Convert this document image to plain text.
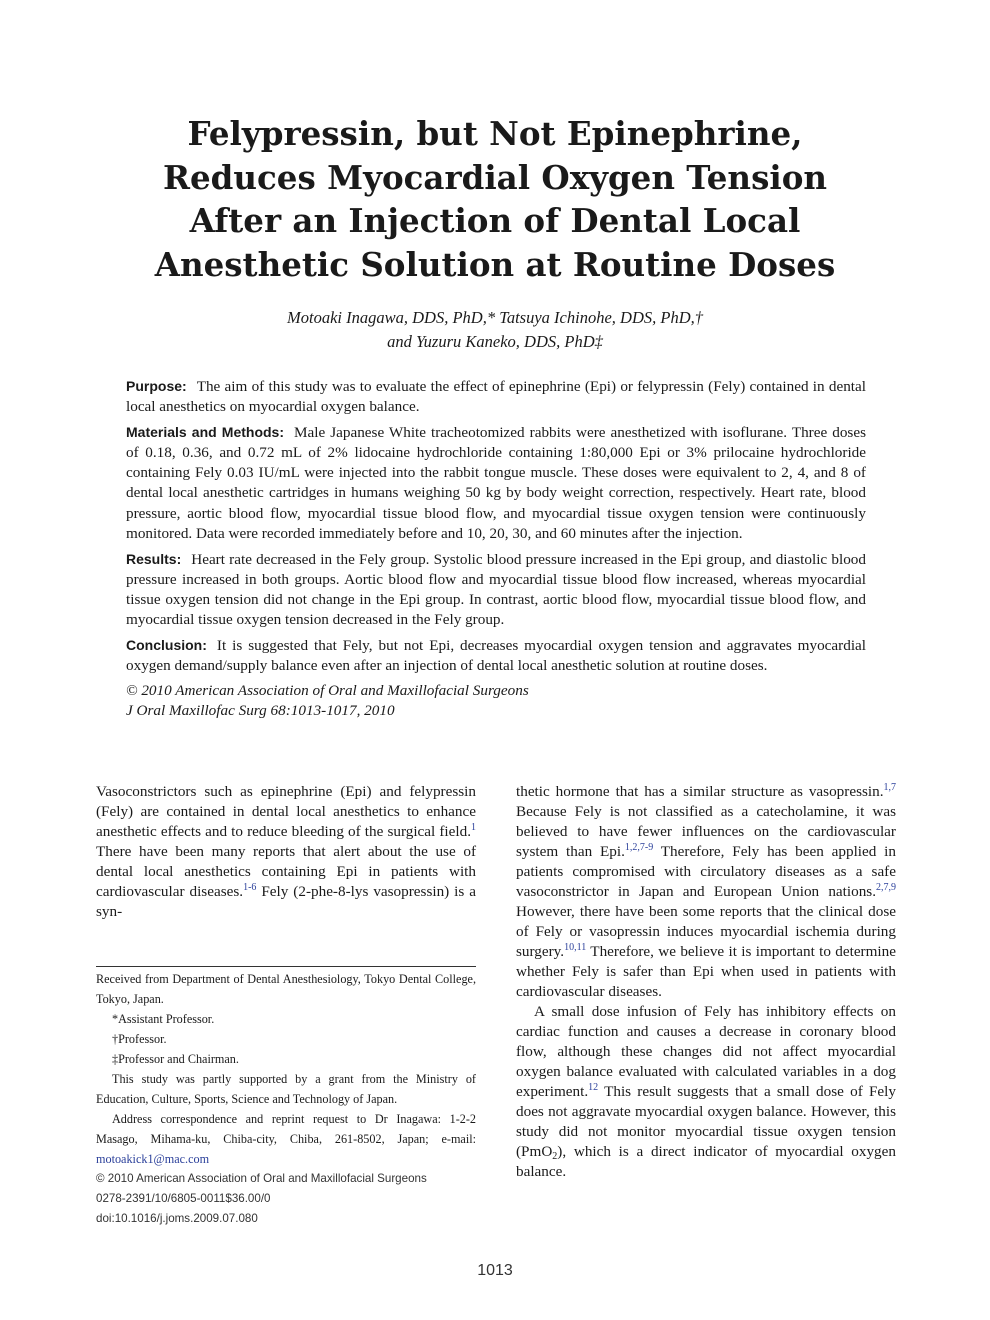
Felypressin, but Not Epinephrine, Reduces Myocardial Oxygen Tension After an Injection of Dental Local Anesthetic Solution at Routine Doses
Motoaki Inagawa, DDS, PhD,* Tatsuya Ichinohe, DDS, PhD,†
and Yuzuru Kaneko, DDS, PhD‡

Purpose: The aim of this study was to evaluate the effect of epinephrine (Epi) or felypressin (Fely) contained in dental local anesthetics on myocardial oxygen balance.

Materials and Methods: Male Japanese White tracheotomized rabbits were anesthetized with isoflurane. Three doses of 0.18, 0.36, and 0.72 mL of 2% lidocaine hydrochloride containing 1:80,000 Epi or 3% prilocaine hydrochloride containing Fely 0.03 IU/mL were injected into the rabbit tongue muscle. These doses were equivalent to 2, 4, and 8 of dental local anesthetic cartridges in humans weighing 50 kg by body weight correction, respectively. Heart rate, blood pressure, aortic blood flow, myocardial tissue blood flow, and myocardial tissue oxygen tension were continuously monitored. Data were recorded immediately before and 10, 20, 30, and 60 minutes after the injection.

Results: Heart rate decreased in the Fely group. Systolic blood pressure increased in the Epi group, and diastolic blood pressure increased in both groups. Aortic blood flow and myocardial tissue blood flow increased, whereas myocardial tissue oxygen tension did not change in the Epi group. In contrast, aortic blood flow, myocardial tissue blood flow, and myocardial tissue oxygen tension decreased in the Fely group.

Conclusion: It is suggested that Fely, but not Epi, decreases myocardial oxygen tension and aggravates myocardial oxygen demand/supply balance even after an injection of dental local anesthetic solution at routine doses.

© 2010 American Association of Oral and Maxillofacial Surgeons

J Oral Maxillofac Surg 68:1013-1017, 2010

Vasoconstrictors such as epinephrine (Epi) and felypressin (Fely) are contained in dental local anesthetics to enhance anesthetic effects and to reduce bleeding of the surgical field.$^1$ There have been many reports that alert about the use of dental local anesthetics containing Epi in patients with cardiovascular diseases.$^{1-6}$ Fely (2-phe-8-lys vasopressin) is a syn-

Received from Department of Dental Anesthesiology, Tokyo Dental College, Tokyo, Japan.

*Assistant Professor.

†Professor.

‡Professor and Chairman.

This study was partly supported by a grant from the Ministry of Education, Culture, Sports, Science and Technology of Japan.

Address correspondence and reprint request to Dr Inagawa: 1-2-2 Masago, Mihama-ku, Chiba-city, Chiba, 261-8502, Japan; e-mail: motoakick1@mac.com

© 2010 American Association of Oral and Maxillofacial Surgeons

0278-2391/10/6805-0011$36.00/0

doi:10.1016/j.joms.2009.07.080

thetic hormone that has a similar structure as vasopressin.$^{1,7}$ Because Fely is not classified as a catecholamine, it was believed to have fewer influences on the cardiovascular system than Epi.$^{1,2,7-9}$ Therefore, Fely has been applied in patients compromised with circulatory diseases as a safe vasoconstrictor in Japan and European Union nations.$^{2,7,9}$ However, there have been some reports that the clinical dose of Fely or vasopressin induces myocardial ischemia during surgery.$^{10,11}$ Therefore, we believe it is important to determine whether Fely is safer than Epi when used in patients with cardiovascular diseases.

A small dose infusion of Fely has inhibitory effects on cardiac function and causes a decrease in coronary blood flow, although these changes did not affect myocardial oxygen balance evaluated with calculated variables in a dog experiment.$^{12}$ This result suggests that a small dose of Fely does not aggravate myocardial oxygen balance. However, this study did not monitor myocardial tissue oxygen tension (PmO$_2$), which is a direct indicator of myocardial oxygen balance.

1013
